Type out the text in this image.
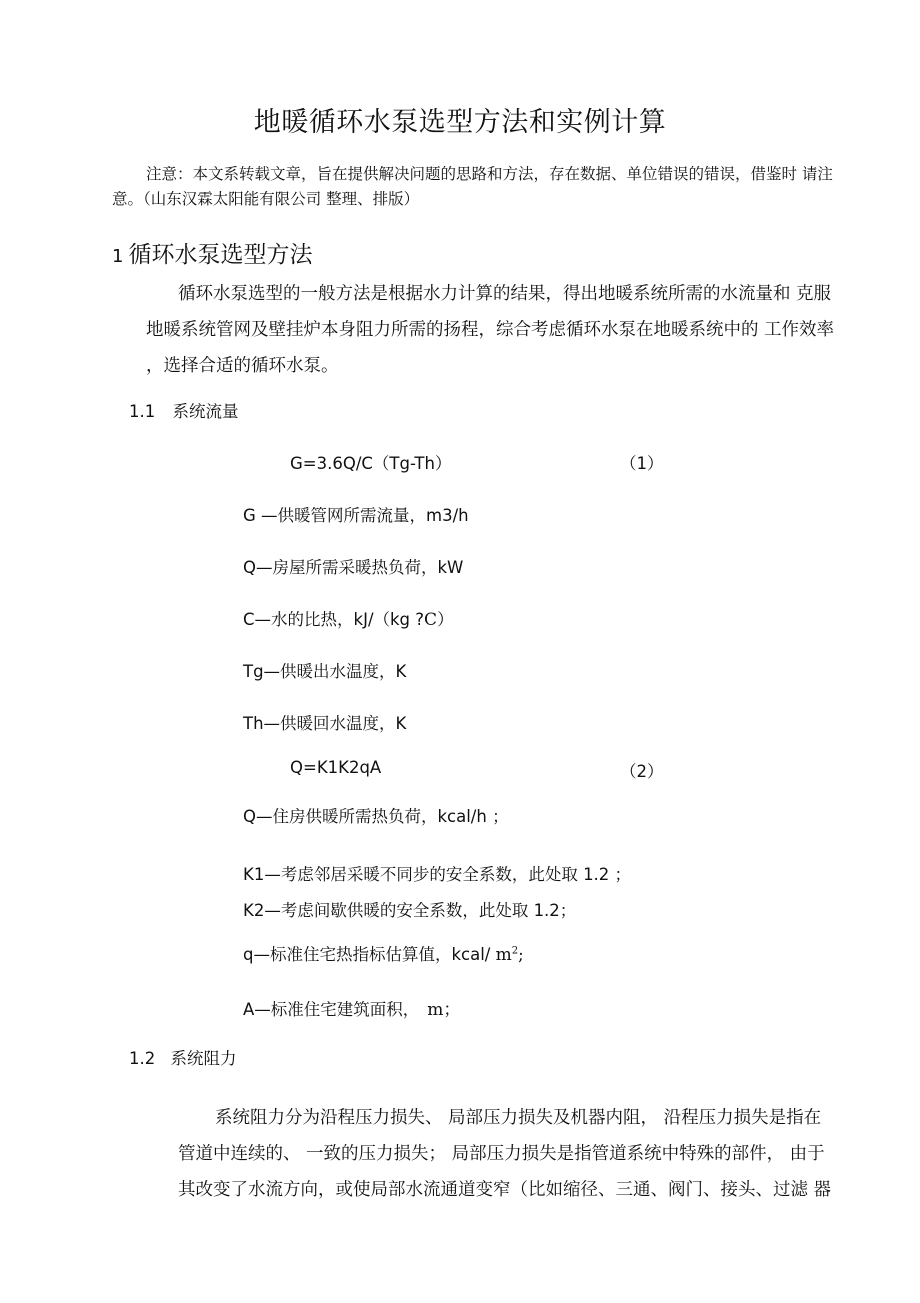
地暖循环水泵选型方法和实例计算
注意：本文系转载文章，旨在提供解决问题的思路和方法，存在数据、单位错误的错误，借鉴时 请注
意。（山东汉霖太阳能有限公司 整理、排版）
1 循环水泵选型方法
循环水泵选型的一般方法是根据水力计算的结果，得出地暖系统所需的水流量和 克服
地暖系统管网及壁挂炉本身阻力所需的扬程，综合考虑循环水泵在地暖系统中的 工作效率
，选择合适的循环水泵。
1.1 系统流量
G=3.6Q/C（Tg-Th）	（1）
G —供暖管网所需流量，m3/h
Q—房屋所需采暖热负荷，kW
C—水的比热，kJ/（kg ?C）
Tg—供暖出水温度，K
Th—供暖回水温度，K
Q=K1K2qA	（2）
Q—住房供暖所需热负荷，kcal/h ；
K1—考虑邻居采暖不同步的安全系数，此处取 1.2 ；
K2—考虑间歇供暖的安全系数，此处取 1.2；
q—标准住宅热指标估算值，kcal/ $m^2$;
A—标准住宅建筑面积， m；
1.2 系统阻力
系统阻力分为沿程压力损失、 局部压力损失及机器内阻， 沿程压力损失是指在
管道中连续的、 一致的压力损失； 局部压力损失是指管道系统中特殊的部件， 由于
其改变了水流方向，或使局部水流通道变窄（比如缩径、三通、阀门、接头、过滤 器
